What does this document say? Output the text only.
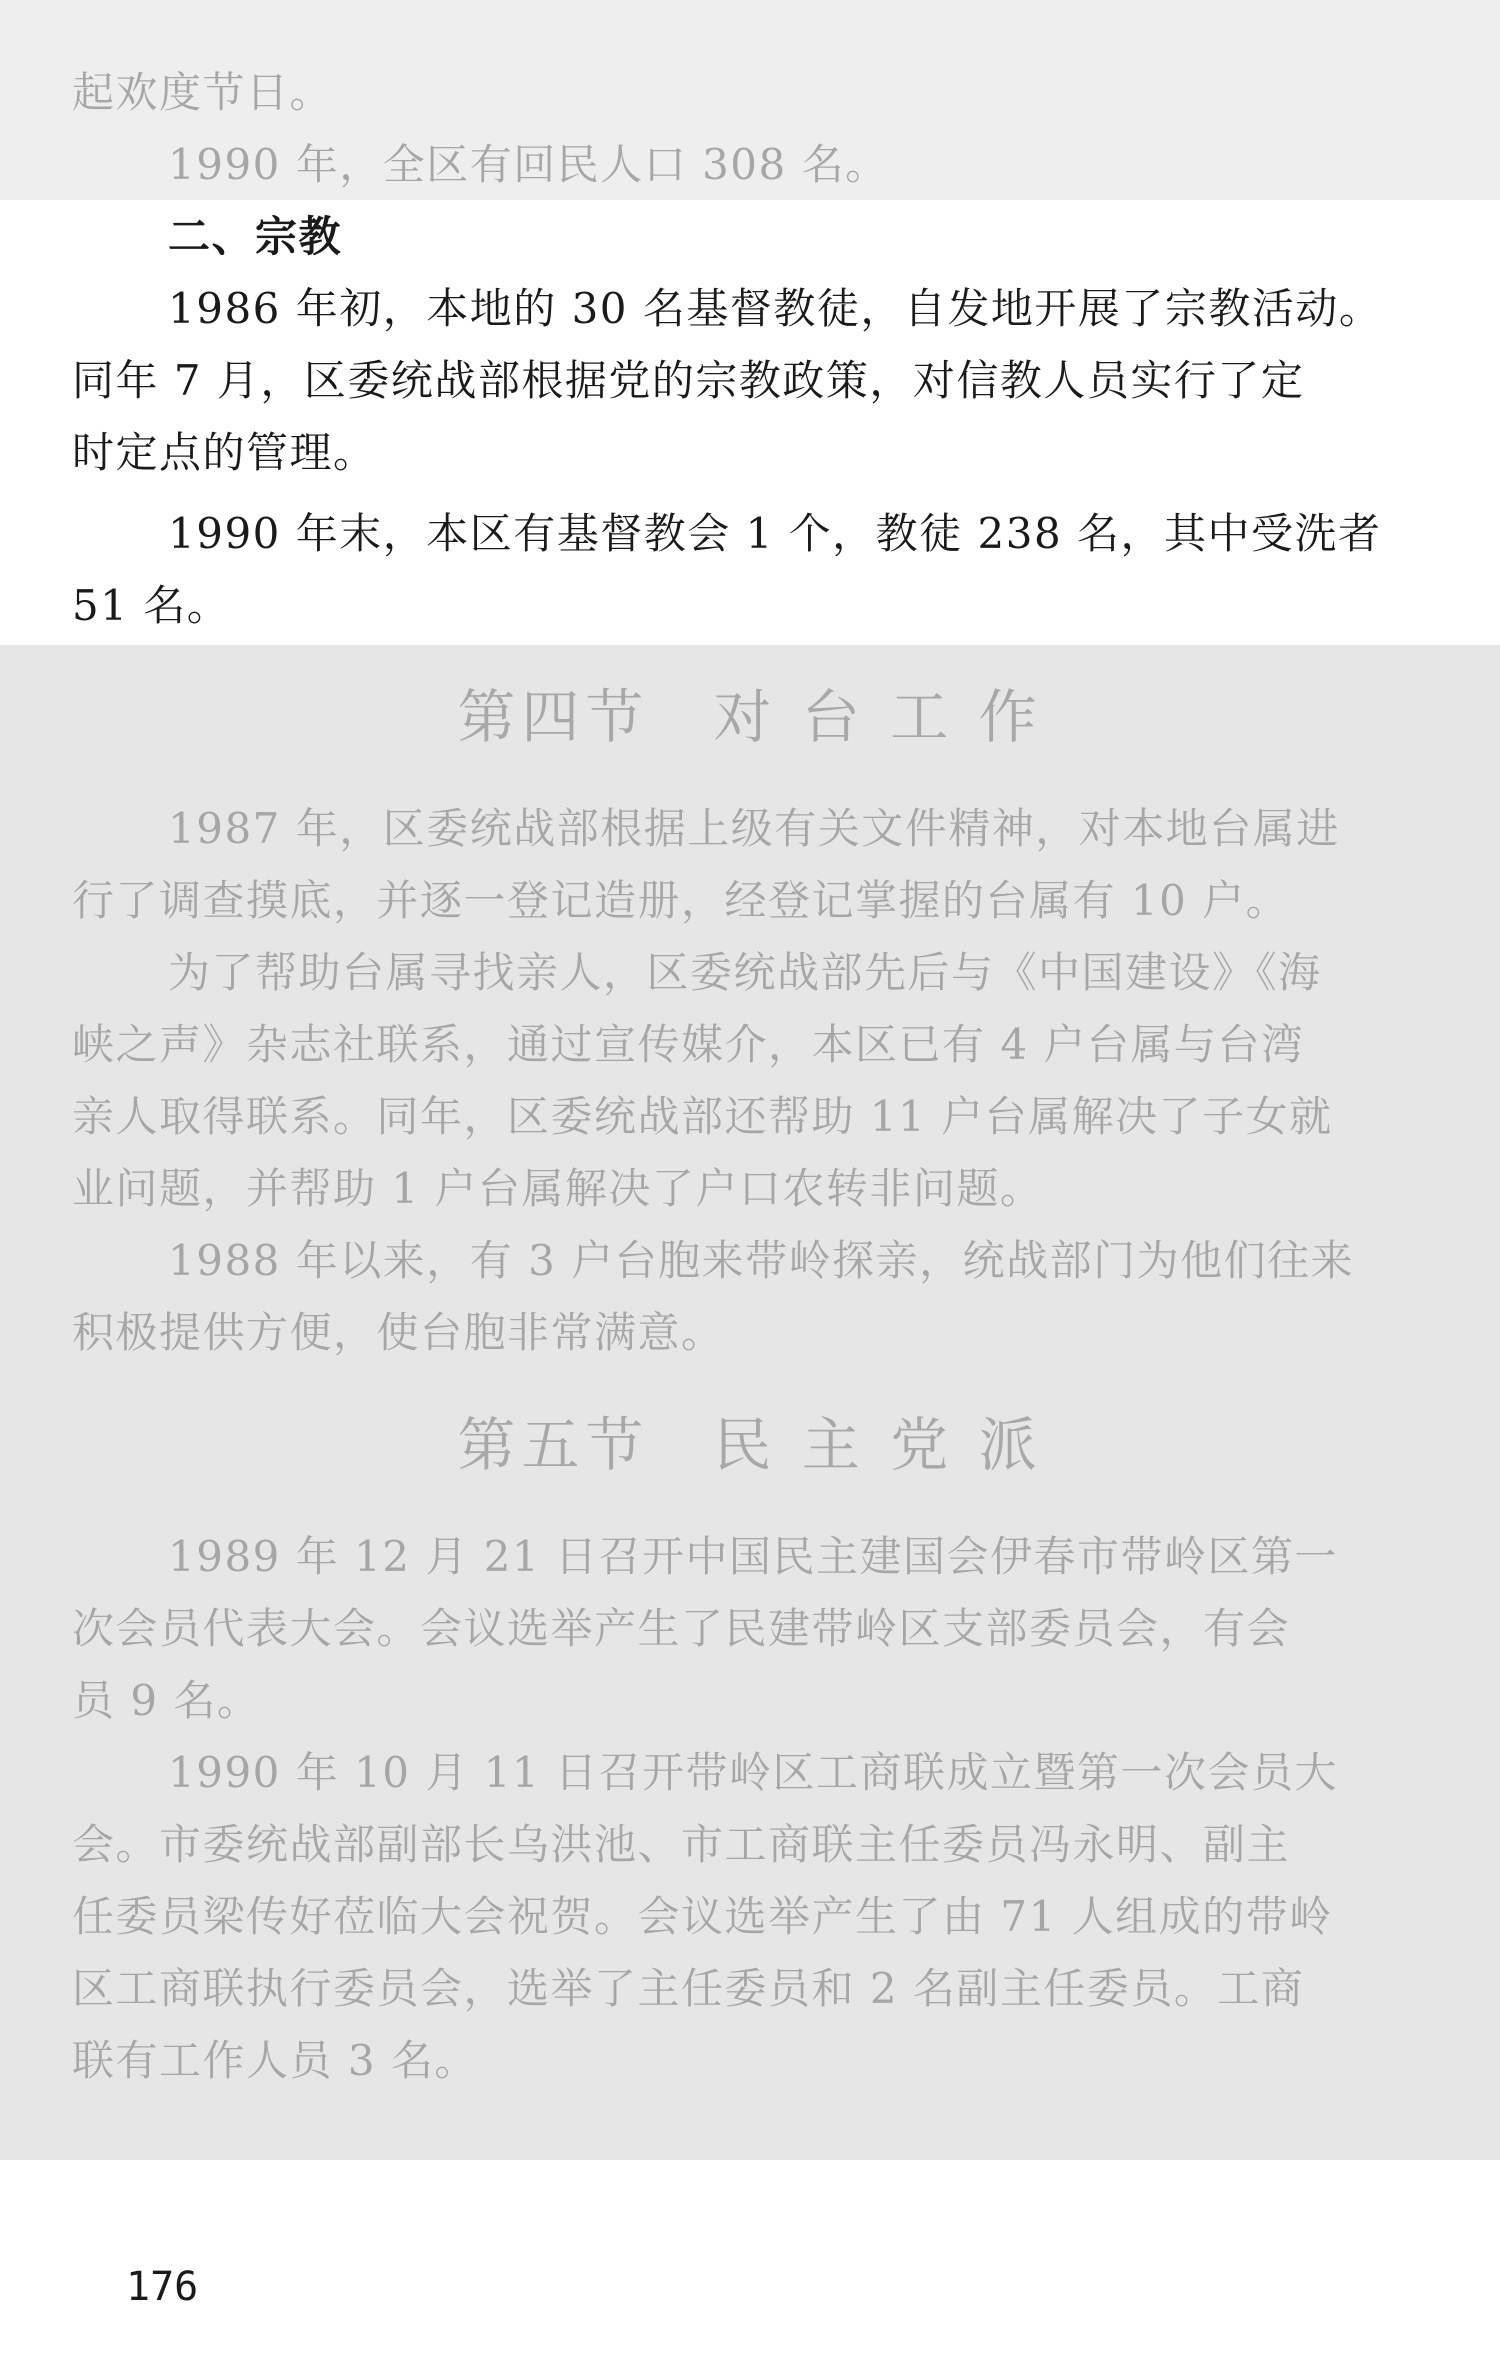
起欢度节日。
1990 年，全区有回民人口 308 名。
二、宗教
1986 年初，本地的 30 名基督教徒，自发地开展了宗教活动。
同年 7 月，区委统战部根据党的宗教政策，对信教人员实行了定
时定点的管理。
1990 年末，本区有基督教会 1 个，教徒 238 名，其中受洗者
51 名。
第四节　对 台 工 作
1987 年，区委统战部根据上级有关文件精神，对本地台属进
行了调查摸底，并逐一登记造册，经登记掌握的台属有 10 户。
为了帮助台属寻找亲人，区委统战部先后与《中国建设》《海
峡之声》杂志社联系，通过宣传媒介，本区已有 4 户台属与台湾
亲人取得联系。同年，区委统战部还帮助 11 户台属解决了子女就
业问题，并帮助 1 户台属解决了户口农转非问题。
1988 年以来，有 3 户台胞来带岭探亲，统战部门为他们往来
积极提供方便，使台胞非常满意。
第五节　民 主 党 派
1989 年 12 月 21 日召开中国民主建国会伊春市带岭区第一
次会员代表大会。会议选举产生了民建带岭区支部委员会，有会
员 9 名。
1990 年 10 月 11 日召开带岭区工商联成立暨第一次会员大
会。市委统战部副部长乌洪池、市工商联主任委员冯永明、副主
任委员梁传好莅临大会祝贺。会议选举产生了由 71 人组成的带岭
区工商联执行委员会，选举了主任委员和 2 名副主任委员。工商
联有工作人员 3 名。
176
